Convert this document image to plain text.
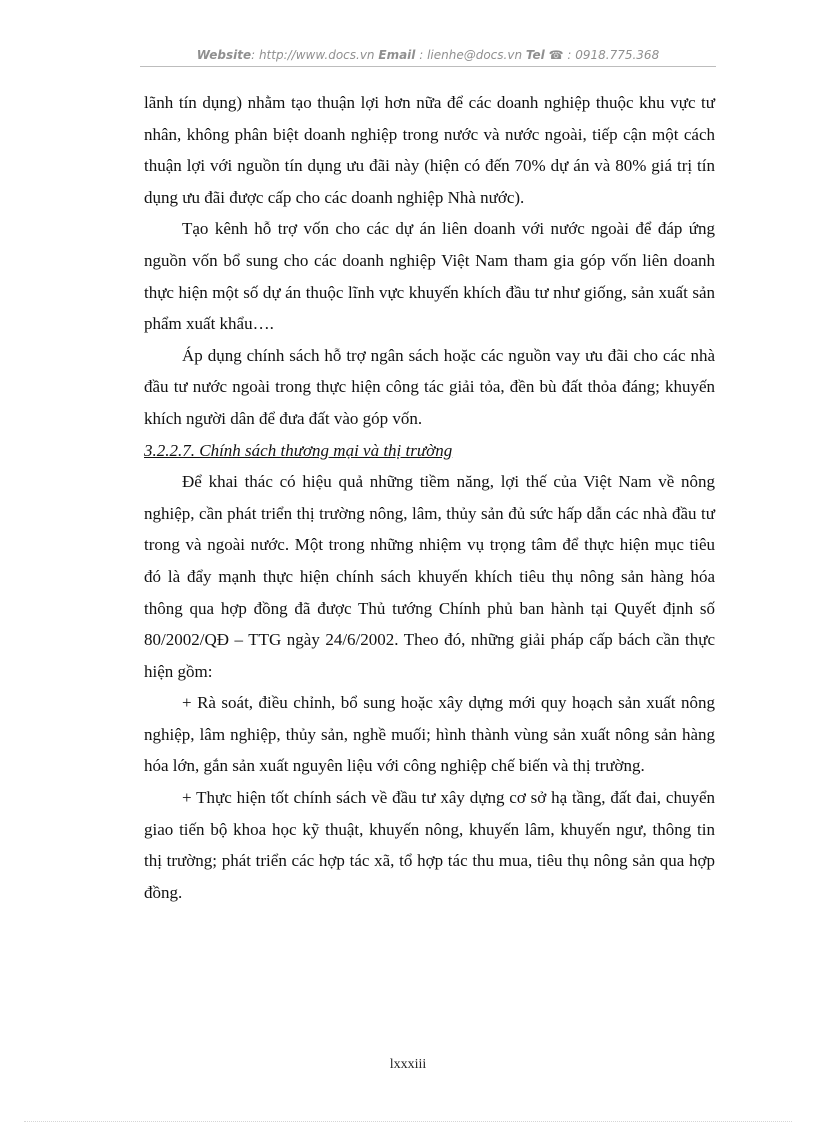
Website: http://www.docs.vn Email : lienhe@docs.vn Tel ☎ : 0918.775.368

lãnh tín dụng) nhằm tạo thuận lợi hơn nữa để các doanh nghiệp thuộc khu vực tư nhân, không phân biệt doanh nghiệp trong nước và nước ngoài, tiếp cận một cách thuận lợi với nguồn tín dụng ưu đãi này (hiện có đến 70% dự án và 80% giá trị tín dụng ưu đãi được cấp cho các doanh nghiệp Nhà nước).

Tạo kênh hỗ trợ vốn cho các dự án liên doanh với nước ngoài để đáp ứng nguồn vốn bổ sung cho các doanh nghiệp Việt Nam tham gia góp vốn liên doanh thực hiện một số dự án thuộc lĩnh vực khuyến khích đầu tư như giống, sản xuất sản phẩm xuất khẩu….

Áp dụng chính sách hỗ trợ ngân sách hoặc các nguồn vay ưu đãi cho các nhà đầu tư nước ngoài trong thực hiện công tác giải tỏa, đền bù đất thỏa đáng; khuyến khích người dân để đưa đất vào góp vốn.

3.2.2.7. Chính sách thương mại và thị trường

Để khai thác có hiệu quả những tiềm năng, lợi thế của Việt Nam về nông nghiệp, cần phát triển thị trường nông, lâm, thủy sản đủ sức hấp dẫn các nhà đầu tư trong và ngoài nước. Một trong những nhiệm vụ trọng tâm để thực hiện mục tiêu đó là đẩy mạnh thực hiện chính sách khuyến khích tiêu thụ nông sản hàng hóa thông qua hợp đồng đã được Thủ tướng Chính phủ ban hành tại Quyết định số 80/2002/QĐ – TTG ngày 24/6/2002. Theo đó, những giải pháp cấp bách cần thực hiện gồm:

+ Rà soát, điều chỉnh, bổ sung hoặc xây dựng mới quy hoạch sản xuất nông nghiệp, lâm nghiệp, thủy sản, nghề muối; hình thành vùng sản xuất nông sản hàng hóa lớn, gắn sản xuất nguyên liệu với công nghiệp chế biến và thị trường.

+ Thực hiện tốt chính sách về đầu tư xây dựng cơ sở hạ tầng, đất đai, chuyển giao tiến bộ khoa học kỹ thuật, khuyến nông, khuyến lâm, khuyến ngư, thông tin thị trường; phát triển các hợp tác xã, tổ hợp tác thu mua, tiêu thụ nông sản qua hợp đồng.

lxxxiii
